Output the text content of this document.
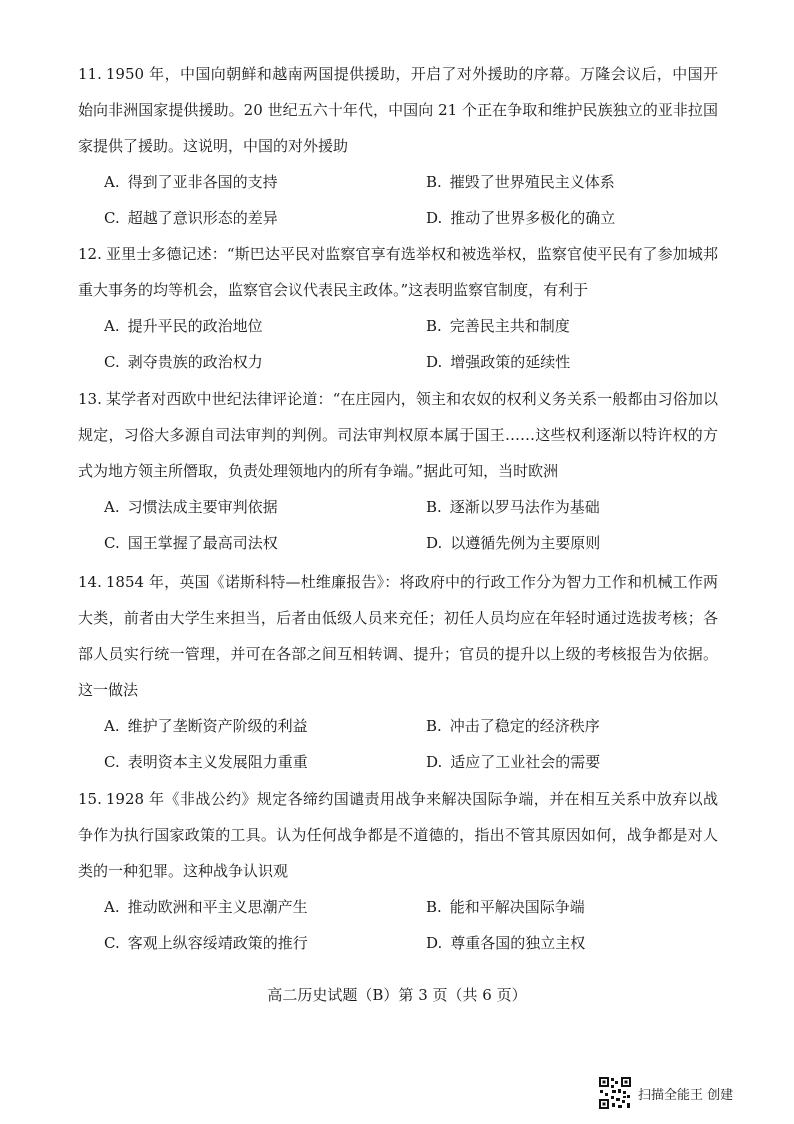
11. 1950 年，中国向朝鲜和越南两国提供援助，开启了对外援助的序幕。万隆会议后，中国开始向非洲国家提供援助。20 世纪五六十年代，中国向 21 个正在争取和维护民族独立的亚非拉国家提供了援助。这说明，中国的对外援助

A. 得到了亚非各国的支持	B. 摧毁了世界殖民主义体系
C. 超越了意识形态的差异	D. 推动了世界多极化的确立

12. 亚里士多德记述：“斯巴达平民对监察官享有选举权和被选举权，监察官使平民有了参加城邦重大事务的均等机会，监察官会议代表民主政体。”这表明监察官制度，有利于

A. 提升平民的政治地位	B. 完善民主共和制度
C. 剥夺贵族的政治权力	D. 增强政策的延续性

13. 某学者对西欧中世纪法律评论道：“在庄园内，领主和农奴的权利义务关系一般都由习俗加以规定，习俗大多源自司法审判的判例。司法审判权原本属于国王……这些权利逐渐以特许权的方式为地方领主所僭取，负责处理领地内的所有争端。”据此可知，当时欧洲

A. 习惯法成主要审判依据	B. 逐渐以罗马法作为基础
C. 国王掌握了最高司法权	D. 以遵循先例为主要原则

14. 1854 年，英国《诺斯科特—杜维廉报告》：将政府中的行政工作分为智力工作和机械工作两大类，前者由大学生来担当，后者由低级人员来充任；初任人员均应在年轻时通过选拔考核；各部人员实行统一管理，并可在各部之间互相转调、提升；官员的提升以上级的考核报告为依据。这一做法

A. 维护了垄断资产阶级的利益	B. 冲击了稳定的经济秩序
C. 表明资本主义发展阻力重重	D. 适应了工业社会的需要

15. 1928 年《非战公约》规定各缔约国谴责用战争来解决国际争端，并在相互关系中放弃以战争作为执行国家政策的工具。认为任何战争都是不道德的，指出不管其原因如何，战争都是对人类的一种犯罪。这种战争认识观

A. 推动欧洲和平主义思潮产生	B. 能和平解决国际争端
C. 客观上纵容绥靖政策的推行	D. 尊重各国的独立主权
高二历史试题（B）第 3 页（共 6 页）
扫描全能王 创建
